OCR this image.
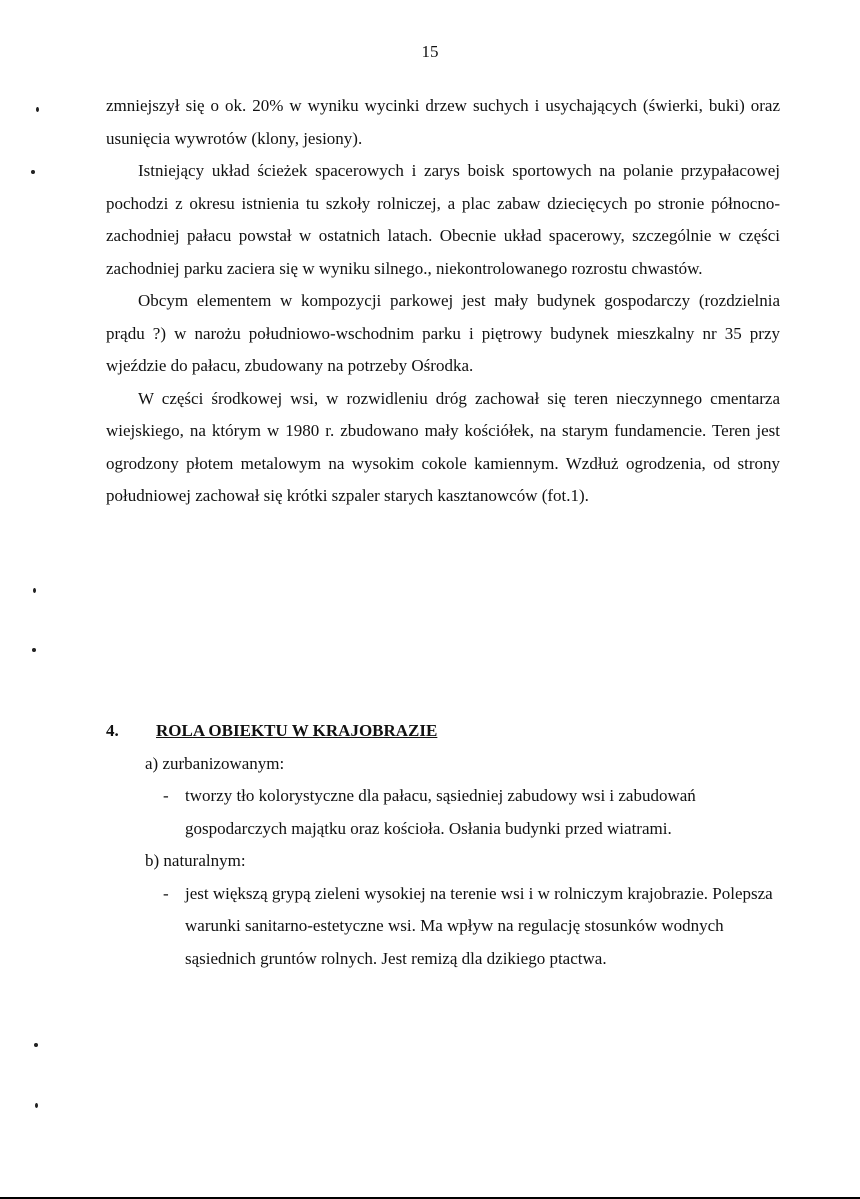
15

zmniejszył się o ok. 20% w wyniku wycinki drzew suchych i usychających (świerki, buki) oraz usunięcia wywrotów (klony, jesiony).

Istniejący układ ścieżek spacerowych i zarys boisk sportowych na polanie przypałacowej pochodzi z okresu istnienia tu szkoły rolniczej, a plac zabaw dziecięcych po stronie północno-zachodniej pałacu powstał w ostatnich latach. Obecnie układ spacerowy, szczególnie w części zachodniej parku zaciera się w wyniku silnego., niekontrolowanego rozrostu chwastów.

Obcym elementem w kompozycji parkowej jest mały budynek gospodarczy (rozdzielnia prądu ?) w narożu południowo-wschodnim parku i piętrowy budynek mieszkalny nr 35 przy wjeździe do pałacu, zbudowany na potrzeby Ośrodka.

W części środkowej wsi, w rozwidleniu dróg zachował się teren nieczynnego cmentarza wiejskiego, na którym w 1980 r. zbudowano mały kościółek, na starym fundamencie. Teren jest ogrodzony płotem metalowym na wysokim cokole kamiennym. Wzdłuż ogrodzenia, od strony południowej zachował się krótki szpaler starych kasztanowców (fot.1).

4.	ROLA OBIEKTU W KRAJOBRAZIE
a) zurbanizowanym:
- tworzy tło kolorystyczne dla pałacu, sąsiedniej zabudowy wsi i zabudowań gospodarczych majątku oraz kościoła. Osłania budynki przed wiatrami.
b) naturalnym:
- jest większą grypą zieleni wysokiej na terenie wsi i w rolniczym krajobrazie. Polepsza warunki sanitarno-estetyczne wsi. Ma wpływ na regulację stosunków wodnych sąsiednich gruntów rolnych. Jest remizą dla dzikiego ptactwa.
